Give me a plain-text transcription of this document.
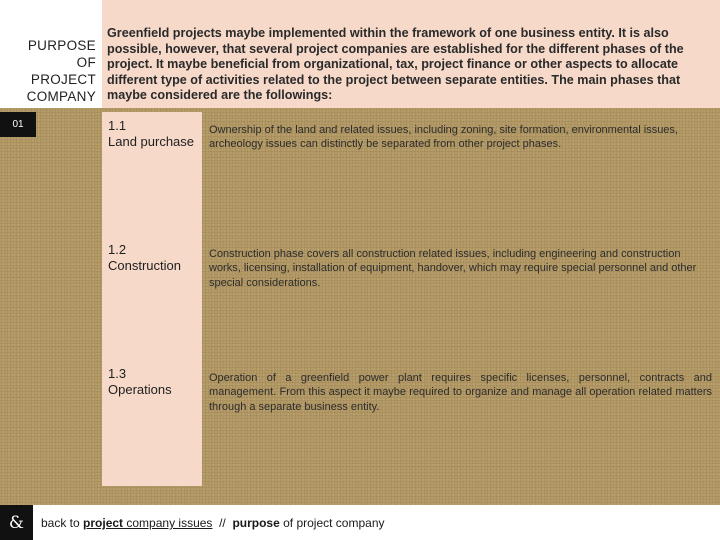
PURPOSE
OF
PROJECT
COMPANY

Greenfield projects maybe implemented within the framework of one business entity. It is also possible, however, that several project companies are established for the different phases of the project. It maybe beneficial from organizational, tax, project finance or other aspects to allocate different type of activities related to the project between separate entities. The main phases that maybe considered are the followings:

01	1.1
Land purchase
Ownership of the land and related issues, including zoning, site formation, environmental issues, archeology issues can distinctly be separated from other project phases.
1.2
Construction
Construction phase covers all construction related issues, including engineering and construction works, licensing, installation of equipment, handover, which may require special personnel and other special considerations.
1.3
Operations
Operation of a greenfield power plant requires specific licenses, personnel, contracts and management. From this aspect it maybe required to organize and manage all operation related matters through a separate business entity.
&	back to project company issues  //  purpose of project company
